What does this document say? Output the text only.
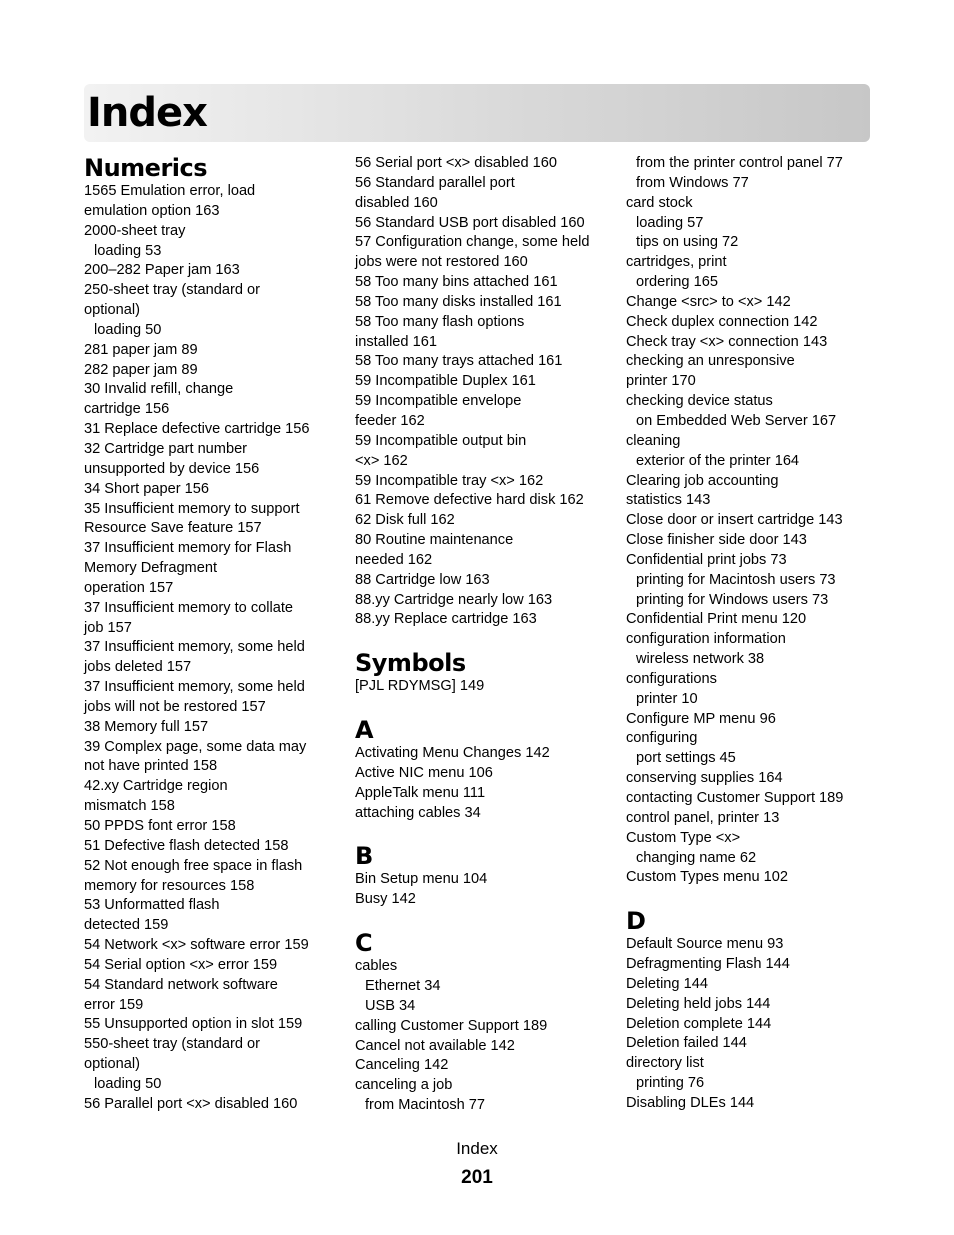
Index
Numerics
1565 Emulation error, load
emulation option 163
2000-sheet tray
loading 53
200–282 Paper jam 163
250-sheet tray (standard or
optional)
loading 50
281 paper jam 89
282 paper jam 89
30 Invalid refill, change
cartridge 156
31 Replace defective cartridge 156
32 Cartridge part number
unsupported by device 156
34 Short paper 156
35 Insufficient memory to support
Resource Save feature 157
37 Insufficient memory for Flash
Memory Defragment
operation 157
37 Insufficient memory to collate
job 157
37 Insufficient memory, some held
jobs deleted 157
37 Insufficient memory, some held
jobs will not be restored 157
38 Memory full 157
39 Complex page, some data may
not have printed 158
42.xy Cartridge region
mismatch 158
50 PPDS font error 158
51 Defective flash detected 158
52 Not enough free space in flash
memory for resources 158
53 Unformatted flash
detected 159
54 Network <x> software error 159
54 Serial option <x> error 159
54 Standard network software
error 159
55 Unsupported option in slot 159
550-sheet tray (standard or
optional)
loading 50
56 Parallel port <x> disabled 160
56 Serial port <x> disabled 160
56 Standard parallel port
disabled 160
56 Standard USB port disabled 160
57 Configuration change, some held
jobs were not restored 160
58 Too many bins attached 161
58 Too many disks installed 161
58 Too many flash options
installed 161
58 Too many trays attached 161
59 Incompatible Duplex 161
59 Incompatible envelope
feeder 162
59 Incompatible output bin
<x> 162
59 Incompatible tray <x> 162
61 Remove defective hard disk 162
62 Disk full 162
80 Routine maintenance
needed 162
88 Cartridge low 163
88.yy Cartridge nearly low 163
88.yy Replace cartridge 163
Symbols
[PJL RDYMSG] 149
A
Activating Menu Changes 142
Active NIC menu 106
AppleTalk menu 111
attaching cables 34
B
Bin Setup menu 104
Busy 142
C
cables
Ethernet 34
USB 34
calling Customer Support 189
Cancel not available 142
Canceling 142
canceling a job
from Macintosh 77
from the printer control panel 77
from Windows 77
card stock
loading 57
tips on using 72
cartridges, print
ordering 165
Change <src> to <x> 142
Check duplex connection 142
Check tray <x> connection 143
checking an unresponsive
printer 170
checking device status
on Embedded Web Server 167
cleaning
exterior of the printer 164
Clearing job accounting
statistics 143
Close door or insert cartridge 143
Close finisher side door 143
Confidential print jobs 73
printing for Macintosh users 73
printing for Windows users 73
Confidential Print menu 120
configuration information
wireless network 38
configurations
printer 10
Configure MP menu 96
configuring
port settings 45
conserving supplies 164
contacting Customer Support 189
control panel, printer 13
Custom Type <x>
changing name 62
Custom Types menu 102
D
Default Source menu 93
Defragmenting Flash 144
Deleting 144
Deleting held jobs 144
Deletion complete 144
Deletion failed 144
directory list
printing 76
Disabling DLEs 144
Index
201
